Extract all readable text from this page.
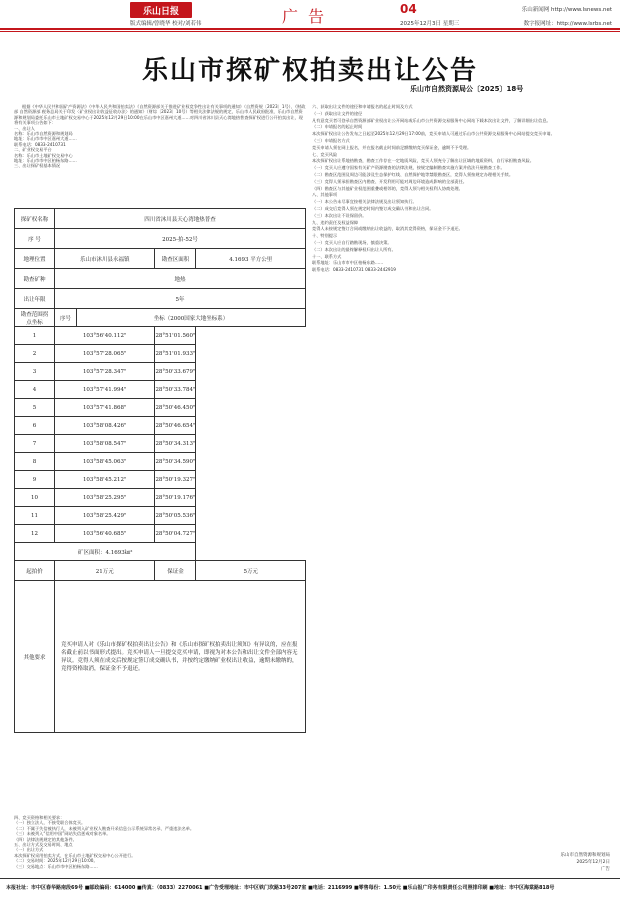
乐山日报
版式编辑/曾晓华 校对/刘若伟	广告	04
2025年12月3日 星期三
乐山新闻网 http://www.lsnews.net
数字报网址：http://www.lsrbs.net
乐山市探矿权拍卖出让公告
乐山市自然资源局公〔2025〕18号

根据《中华人民共和国矿产资源法》《中华人民共和国拍卖法》《自然资源部关于推进矿业权竞争性出让有关事项的通知》（自然资规〔2023〕1号）、《财政部 自然资源部 税务总局关于印发〈矿业权出让收益征收办法〉的通知》（财综〔2023〕10号）等相关法律法规的规定，乐山市人民政府批准，乐山市自然资源和规划局委托乐山市土地矿权交易中心于2025年12月29日10:00在乐山市中区嘉州大道……对四川省沐川县天心湾地热普查探矿权进行公开拍卖出让，现将有关事项公告如下：

一、出让人

名称：乐山市自然资源和规划局

地址：乐山市市中区嘉州大道……

联系电话：0833-2410731

二、矿业权交易平台

名称：乐山市土地矿权交易中心

地址：乐山市市中区柏杨东路……

三、出让探矿权基本情况

探矿权名称	四川省沐川县天心湾地热普查			
序 号	2025-拍-52号			
地理位置	乐山市沐川县永福镇		勘查区面积	4.1693 平方公里
勘查矿种	地热			
出让年限	5年			
勘查范围拐点坐标	序号	坐标（2000国家大地坐标系）		
1	103°56'40.112"		28°51'01.560"	
2	103°57'28.065"		28°51'01.933"	
3	103°57'28.347"		28°50'33.679"	
4	103°57'41.994"		28°50'33.784"	
5	103°57'41.868"		28°50'46.450"	
6	103°58'08.426"		28°50'46.654"	
7	103°58'08.547"		28°50'34.313"	
8	103°58'45.063"		28°50'34.590"	
9	103°58'45.212"		28°50'19.327"	
10	103°58'25.295"		28°50'19.176"	
11	103°58'25.429"		28°50'05.536"	
12	103°56'40.685"		28°50'04.727"	
矿区面积：4.1693㎞²				
起拍价	21万元		保证金	5万元
其他要求	竞买申请人对《乐山市探矿权拍卖出让公告》和《乐山市探矿权拍卖出让须知》有异议的，应在报名截止前以书面形式提出。竞买申请人一旦提交竞买申请，即视为对本公告和出让文件全部内容无异议。竞得人须在成交后按规定签订成交确认书，并按约定缴纳矿业权出让收益，逾期未缴纳的，竞得资格取消，保证金不予退还。			

四、竞买资格和相关要求：

（一）独立法人，不接受联合体竞买。

（二）不属于失信被执行人，未被列入矿业权人勘查开采信息公示系统异常名录、严重违法名单。

（三）未被列入“信用中国”网站失信惩戒对象名单。

（四）法律法规规定的其他条件。

五、出让方式及交易时间、地点

（一）出让方式

本次探矿权采用拍卖方式，在乐山市土地矿权交易中心公开进行。

（二）交易时间：2025年12月29日10:00。

（三）交易地点：乐山市市中区柏杨东路……

六、获取出让文件的途径和申请报名的起止时间及方式

（一）获取出让文件的途径

凡有意竞买者可登录自然资源部矿业权出让公开网站或乐山市公共资源交易服务中心网站下载本次出让文件，了解详细出让信息。

（二）申请报名的起止时间

本次探矿权出让公告发布之日起至2025年12月29日17:00前，竞买申请人可通过乐山市公共资源交易服务中心网站提交竞买申请。

（三）申请报名方式

竞买申请人须在网上报名，并在报名截止时间前足额缴纳竞买保证金，逾期不予受理。

七、竞买风险

本次探矿权出让系地热勘查，勘查工作存在一定地质风险，竞买人须充分了解出让区域的地质资料，自行承担勘查风险。

（一）竞买人应遵守国家有关矿产资源勘查的法律法规，按规定编制勘查实施方案并依法开展勘查工作。

（二）勘查区范围及周边可能涉及生态保护红线、自然保护地等禁限勘查区，竞得人须按规定办理相关手续。

（三）竞得人须承担勘查区内勘查、开发利用可能对周边环境造成影响的全部责任。

（四）勘查区与其他矿业权范围重叠或相邻的，竞得人须与相关权利人协商处理。

八、其他事项

（一）本公告未尽事宜按相关法律法规及出让须知执行。

（二）成交后竞得人须在规定时间内签订成交确认书和出让合同。

（三）本次出让不设保留价。

九、违约责任及权益保障

竞得人未按规定签订合同或缴纳出让收益的，取消其竞得资格，保证金不予退还。

十、特别提示

（一）竞买人应自行踏勘现场，慎重决策。

（二）本次出让的最终解释权归出让人所有。

十一、联系方式

联系地址：乐山市市中区柏杨东路……

联系电话：0833-2410731 0833-2442919

乐山市自然资源和规划局
2025年12月2日
广告
本报社址：市中区春华路南段69号 ■邮政编码：614000 ■传真：（0833）2270061 ■广告受理地址：市中区铁门坎路33号207室 ■电话：2116999 ■零售每份：1.50元 ■乐山报广印务有限责任公司照排印刷 ■地址：市中区海棠路818号
